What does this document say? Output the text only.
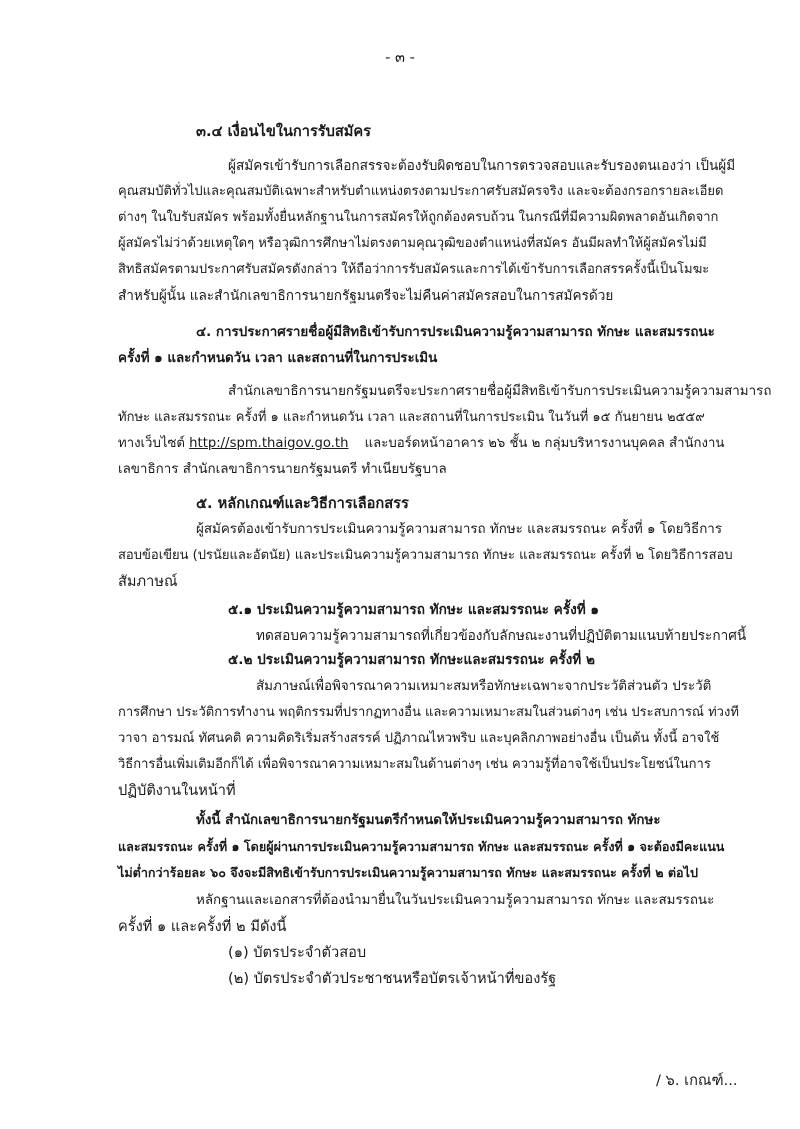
- ๓ -
๓.๔ เงื่อนไขในการรับสมัคร
ผู้สมัครเข้ารับการเลือกสรรจะต้องรับผิดชอบในการตรวจสอบและรับรองตนเองว่า เป็นผู้มี
คุณสมบัติทั่วไปและคุณสมบัติเฉพาะสำหรับตำแหน่งตรงตามประกาศรับสมัครจริง และจะต้องกรอกรายละเอียด
ต่างๆ ในใบรับสมัคร พร้อมทั้งยื่นหลักฐานในการสมัครให้ถูกต้องครบถ้วน ในกรณีที่มีความผิดพลาดอันเกิดจาก
ผู้สมัครไม่ว่าด้วยเหตุใดๆ หรือวุฒิการศึกษาไม่ตรงตามคุณวุฒิของตำแหน่งที่สมัคร อันมีผลทำให้ผู้สมัครไม่มี
สิทธิสมัครตามประกาศรับสมัครดังกล่าว ให้ถือว่าการรับสมัครและการได้เข้ารับการเลือกสรรครั้งนี้เป็นโมฆะ
สำหรับผู้นั้น และสำนักเลขาธิการนายกรัฐมนตรีจะไม่คืนค่าสมัครสอบในการสมัครด้วย
๔. การประกาศรายชื่อผู้มีสิทธิเข้ารับการประเมินความรู้ความสามารถ ทักษะ และสมรรถนะ
ครั้งที่ ๑ และกำหนดวัน เวลา และสถานที่ในการประเมิน
สำนักเลขาธิการนายกรัฐมนตรีจะประกาศรายชื่อผู้มีสิทธิเข้ารับการประเมินความรู้ความสามารถ
ทักษะ และสมรรถนะ ครั้งที่ ๑ และกำหนดวัน เวลา และสถานที่ในการประเมิน ในวันที่ ๑๕ กันยายน ๒๕๕๙
ทางเว็บไซต์ http://spm.thaigov.go.th และบอร์ดหน้าอาคาร ๒๖ ชั้น ๒ กลุ่มบริหารงานบุคคล สำนักงาน
เลขาธิการ สำนักเลขาธิการนายกรัฐมนตรี ทำเนียบรัฐบาล
๕. หลักเกณฑ์และวิธีการเลือกสรร
ผู้สมัครต้องเข้ารับการประเมินความรู้ความสามารถ ทักษะ และสมรรถนะ ครั้งที่ ๑ โดยวิธีการ
สอบข้อเขียน (ปรนัยและอัตนัย) และประเมินความรู้ความสามารถ ทักษะ และสมรรถนะ ครั้งที่ ๒ โดยวิธีการสอบ
สัมภาษณ์
๕.๑ ประเมินความรู้ความสามารถ ทักษะ และสมรรถนะ ครั้งที่ ๑
ทดสอบความรู้ความสามารถที่เกี่ยวข้องกับลักษณะงานที่ปฏิบัติตามแนบท้ายประกาศนี้
๕.๒ ประเมินความรู้ความสามารถ ทักษะและสมรรถนะ ครั้งที่ ๒
สัมภาษณ์เพื่อพิจารณาความเหมาะสมหรือทักษะเฉพาะจากประวัติส่วนตัว ประวัติ
การศึกษา ประวัติการทำงาน พฤติกรรมที่ปรากฏทางอื่น และความเหมาะสมในส่วนต่างๆ เช่น ประสบการณ์ ท่วงที
วาจา อารมณ์ ทัศนคติ ความคิดริเริ่มสร้างสรรค์ ปฏิภาณไหวพริบ และบุคลิกภาพอย่างอื่น เป็นต้น ทั้งนี้ อาจใช้
วิธีการอื่นเพิ่มเติมอีกก็ได้ เพื่อพิจารณาความเหมาะสมในด้านต่างๆ เช่น ความรู้ที่อาจใช้เป็นประโยชน์ในการ
ปฏิบัติงานในหน้าที่
ทั้งนี้ สำนักเลขาธิการนายกรัฐมนตรีกำหนดให้ประเมินความรู้ความสามารถ ทักษะ
และสมรรถนะ ครั้งที่ ๑ โดยผู้ผ่านการประเมินความรู้ความสามารถ ทักษะ และสมรรถนะ ครั้งที่ ๑ จะต้องมีคะแนน
ไม่ต่ำกว่าร้อยละ ๖๐ จึงจะมีสิทธิเข้ารับการประเมินความรู้ความสามารถ ทักษะ และสมรรถนะ ครั้งที่ ๒ ต่อไป
หลักฐานและเอกสารที่ต้องนำมายื่นในวันประเมินความรู้ความสามารถ ทักษะ และสมรรถนะ
ครั้งที่ ๑ และครั้งที่ ๒ มีดังนี้
(๑) บัตรประจำตัวสอบ
(๒) บัตรประจำตัวประชาชนหรือบัตรเจ้าหน้าที่ของรัฐ
/ ๖. เกณฑ์...
